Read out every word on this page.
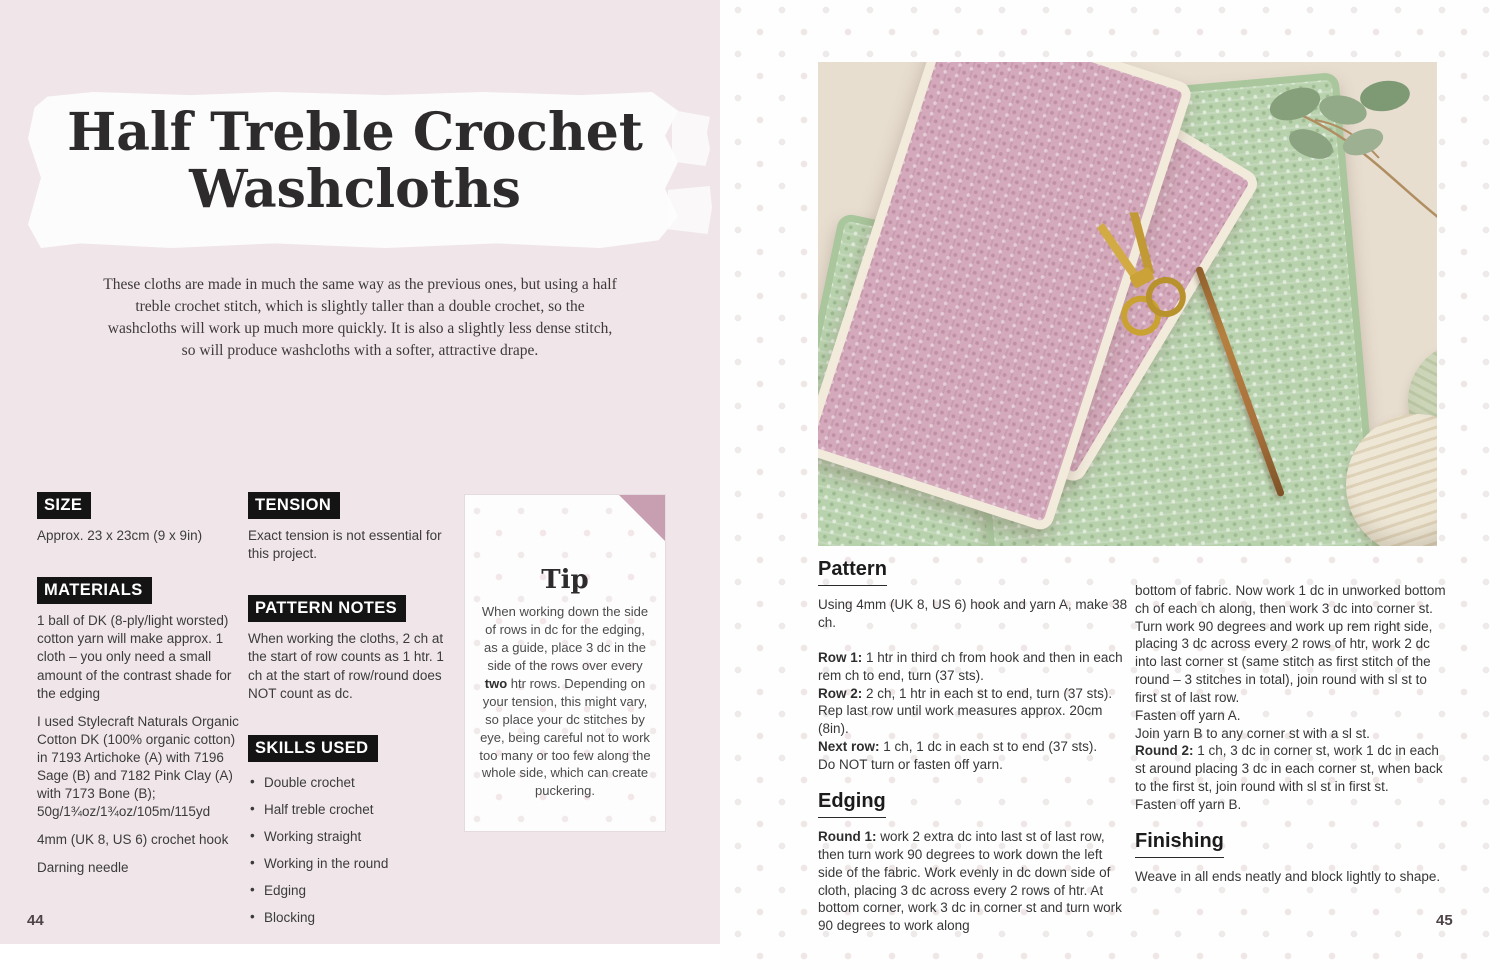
Half Treble Crochet
Washcloths

These cloths are made in much the same way as the previous ones, but using a half treble crochet stitch, which is slightly taller than a double crochet, so the washcloths will work up much more quickly. It is also a slightly less dense stitch, so will produce washcloths with a softer, attractive drape.

SIZE

Approx. 23 x 23cm (9 x 9in)

MATERIALS

1 ball of DK (8-ply/light worsted) cotton yarn will make approx. 1 cloth – you only need a small amount of the contrast shade for the edging

I used Stylecraft Naturals Organic Cotton DK (100% organic cotton) in 7193 Artichoke (A) with 7196 Sage (B) and 7182 Pink Clay (A) with 7173 Bone (B); 50g/1¾oz/1¾oz/105m/115yd

4mm (UK 8, US 6) crochet hook

Darning needle

TENSION

Exact tension is not essential for this project.

PATTERN NOTES

When working the cloths, 2 ch at the start of row counts as 1 htr. 1 ch at the start of row/round does NOT count as dc.

SKILLS USED
• Double crochet
• Half treble crochet
• Working straight
• Working in the round
• Edging
• Blocking
Tip

When working down the side of rows in dc for the edging, as a guide, place 3 dc in the side of the rows over every two htr rows. Depending on your tension, this might vary, so place your dc stitches by eye, being careful not to work too many or too few along the whole side, which can create puckering.

44
Pattern

Using 4mm (UK 8, US 6) hook and yarn A, make 38 ch.

Row 1: 1 htr in third ch from hook and then in each rem ch to end, turn (37 sts).

Row 2: 2 ch, 1 htr in each st to end, turn (37 sts).

Rep last row until work measures approx. 20cm (8in).

Next row: 1 ch, 1 dc in each st to end (37 sts).

Do NOT turn or fasten off yarn.

Edging

Round 1: work 2 extra dc into last st of last row, then turn work 90 degrees to work down the left side of the fabric. Work evenly in dc down side of cloth, placing 3 dc across every 2 rows of htr. At bottom corner, work 3 dc in corner st and turn work 90 degrees to work along

bottom of fabric. Now work 1 dc in unworked bottom ch of each ch along, then work 3 dc into corner st. Turn work 90 degrees and work up rem right side, placing 3 dc across every 2 rows of htr, work 2 dc into last corner st (same stitch as first stitch of the round – 3 stitches in total), join round with sl st to first st of last row.

Fasten off yarn A.

Join yarn B to any corner st with a sl st.

Round 2: 1 ch, 3 dc in corner st, work 1 dc in each st around placing 3 dc in each corner st, when back to the first st, join round with sl st in first st.

Fasten off yarn B.

Finishing

Weave in all ends neatly and block lightly to shape.

45
